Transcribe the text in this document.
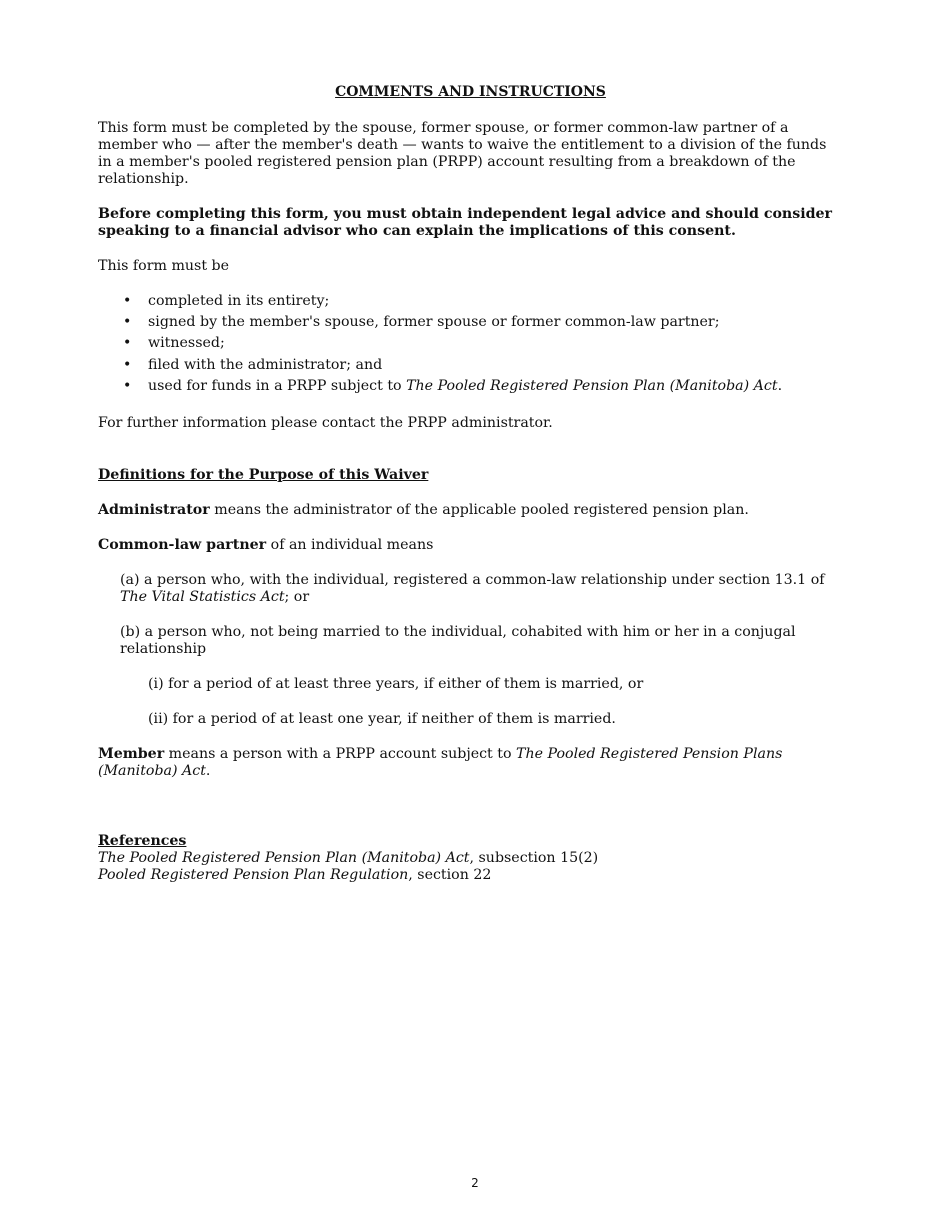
COMMENTS AND INSTRUCTIONS

This form must be completed by the spouse, former spouse, or former common-law partner of a member who — after the member's death — wants to waive the entitlement to a division of the funds in a member's pooled registered pension plan (PRPP) account resulting from a breakdown of the relationship.

Before completing this form, you must obtain independent legal advice and should consider speaking to a financial advisor who can explain the implications of this consent.

This form must be

• completed in its entirety;
• signed by the member's spouse, former spouse or former common-law partner;
• witnessed;
• filed with the administrator; and
• used for funds in a PRPP subject to The Pooled Registered Pension Plan (Manitoba) Act.

For further information please contact the PRPP administrator.

Definitions for the Purpose of this Waiver

Administrator means the administrator of the applicable pooled registered pension plan.

Common-law partner of an individual means

(a) a person who, with the individual, registered a common-law relationship under section 13.1 of The Vital Statistics Act; or

(b) a person who, not being married to the individual, cohabited with him or her in a conjugal relationship

(i) for a period of at least three years, if either of them is married, or

(ii) for a period of at least one year, if neither of them is married.

Member means a person with a PRPP account subject to The Pooled Registered Pension Plans (Manitoba) Act.

References

The Pooled Registered Pension Plan (Manitoba) Act, subsection 15(2)

Pooled Registered Pension Plan Regulation, section 22

2
